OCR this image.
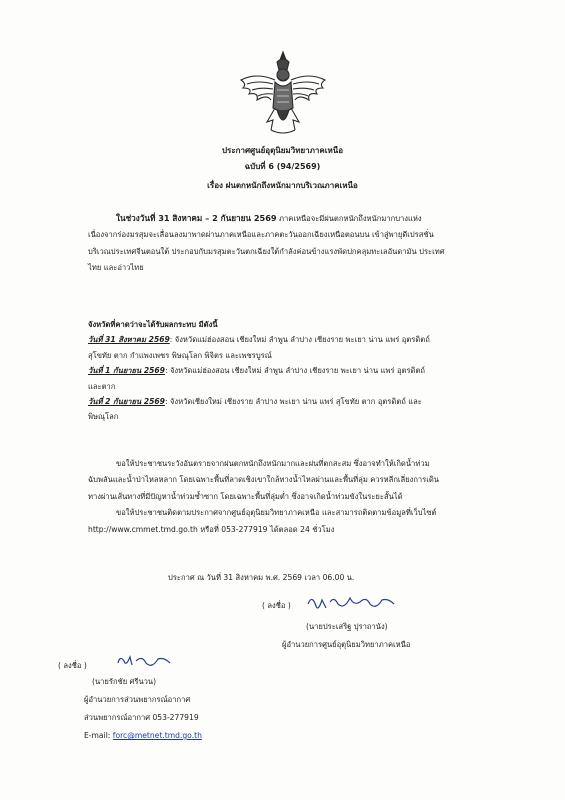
ประกาศศูนย์อุตุนิยมวิทยาภาคเหนือ
ฉบับที่ 6 (94/2569)
เรื่อง ฝนตกหนักถึงหนักมากบริเวณภาคเหนือ
ในช่วงวันที่ 31 สิงหาคม – 2 กันยายน 2569 ภาคเหนือจะมีฝนตกหนักถึงหนักมากบางแห่ง
เนื่องจากร่องมรสุมจะเลื่อนลงมาพาดผ่านภาคเหนือและภาคตะวันออกเฉียงเหนือตอนบน เข้าสู่พายุดีเปรสชั่น
บริเวณประเทศจีนตอนใต้ ประกอบกับมรสุมตะวันตกเฉียงใต้กำลังค่อนข้างแรงพัดปกคลุมทะเลอันดามัน ประเทศ
ไทย และอ่าวไทย
จังหวัดที่คาดว่าจะได้รับผลกระทบ มีดังนี้
วันที่ 31 สิงหาคม 2569: จังหวัดแม่ฮ่องสอน เชียงใหม่ ลำพูน ลำปาง เชียงราย พะเยา น่าน แพร่ อุตรดิตถ์
สุโขทัย ตาก กำแพงเพชร พิษณุโลก พิจิตร และเพชรบูรณ์
วันที่ 1 กันยายน 2569: จังหวัดแม่ฮ่องสอน เชียงใหม่ ลำพูน ลำปาง เชียงราย พะเยา น่าน แพร่ อุตรดิตถ์
และตาก
วันที่ 2 กันยายน 2569: จังหวัดเชียงใหม่ เชียงราย ลำปาง พะเยา น่าน แพร่ สุโขทัย ตาก อุตรดิตถ์ และ
พิษณุโลก
ขอให้ประชาชนระวังอันตรายจากฝนตกหนักถึงหนักมากและฝนที่ตกสะสม ซึ่งอาจทำให้เกิดน้ำท่วม
ฉับพลันและน้ำป่าไหลหลาก โดยเฉพาะพื้นที่ลาดเชิงเขาใกล้ทางน้ำไหลผ่านและพื้นที่ลุ่ม ควรหลีกเลี่ยงการเดิน
ทางผ่านเส้นทางที่มีปัญหาน้ำท่วมซ้ำซาก โดยเฉพาะพื้นที่ลุ่มต่ำ ซึ่งอาจเกิดน้ำท่วมขังในระยะสั้นได้
ขอให้ประชาชนติดตามประกาศจากศูนย์อุตุนิยมวิทยาภาคเหนือ และสามารถติดตามข้อมูลที่เว็บไซต์
http://www.cmmet.tmd.go.th หรือที่ 053-277919 ได้ตลอด 24 ชั่วโมง
ประกาศ ณ วันที่ 31 สิงหาคม พ.ศ. 2569 เวลา 06.00 น.
( ลงชื่อ )
(นายประเสริฐ ปุราถานัง)
ผู้อำนวยการศูนย์อุตุนิยมวิทยาภาคเหนือ
( ลงชื่อ )
(นายรักชัย ศรีนวน)
ผู้อำนวยการส่วนพยากรณ์อากาศ
ส่วนพยากรณ์อากาศ 053-277919
E-mail: forc@metnet.tmd.go.th
